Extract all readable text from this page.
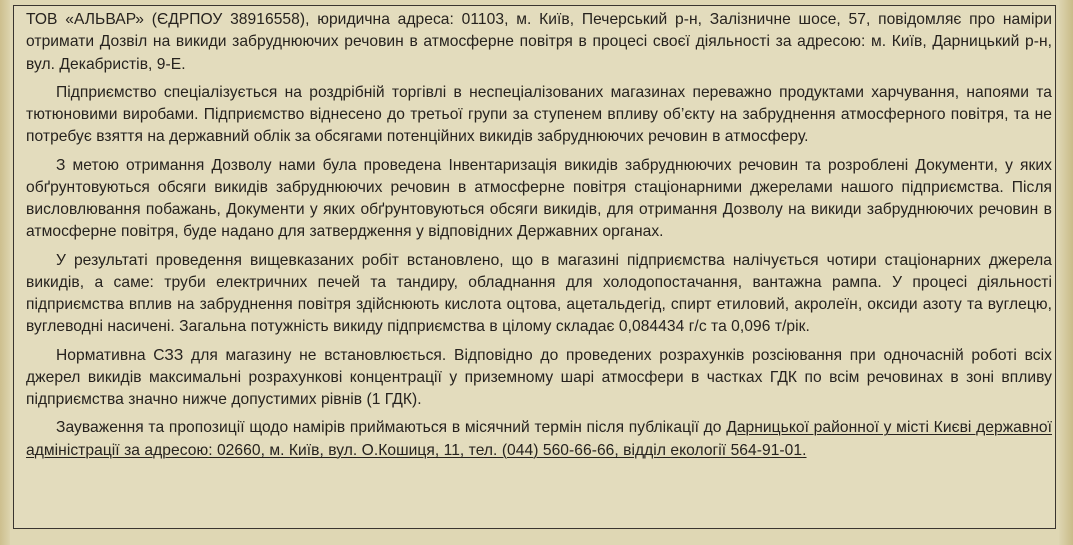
ТОВ «АЛЬВАР» (ЄДРПОУ 38916558), юридична адреса: 01103, м. Київ, Печерський р-н, Залізничне шосе, 57, повідомляє про наміри отримати Дозвіл на викиди забруднюючих речовин в атмосферне повітря в процесі своєї діяльності за адресою: м. Київ, Дарницький р-н, вул. Декабристів, 9-Е.

Підприємство спеціалізується на роздрібній торгівлі в неспеціалізованих магазинах переважно продуктами харчування, напоями та тютюновими виробами. Підприємство віднесено до третьої групи за ступенем впливу об’єкту на забруднення атмосферного повітря, та не потребує взяття на державний облік за обсягами потенційних викидів забруднюючих речовин в атмосферу.

З метою отримання Дозволу нами була проведена Інвентаризація викидів забруднюючих речовин та розроблені Документи, у яких обґрунтовуються обсяги викидів забруднюючих речовин в атмосферне повітря стаціонарними джерелами нашого підприємства. Після висловлювання побажань, Документи у яких обґрунтовуються обсяги викидів, для отримання Дозволу на викиди забруднюючих речовин в атмосферне повітря, буде надано для затвердження у відповідних Державних органах.

У результаті проведення вищевказаних робіт встановлено, що в магазині підприємства налічується чотири стаціонарних джерела викидів, а саме: труби електричних печей та тандиру, обладнання для холодопостачання, вантажна рампа. У процесі діяльності підприємства вплив на забруднення повітря здійснюють кислота оцтова, ацетальдегід, спирт етиловий, акролеїн, оксиди азоту та вуглецю, вуглеводні насичені. Загальна потужність викиду підприємства в цілому складає 0,084434 г/с та 0,096 т/рік.

Нормативна СЗЗ для магазину не встановлюється. Відповідно до проведених розрахунків розсіювання при одночасній роботі всіх джерел викидів максимальні розрахункові концентрації у приземному шарі атмосфери в частках ГДК по всім речовинах в зоні впливу підприємства значно нижче допустимих рівнів (1 ГДК).

Зауваження та пропозиції щодо намірів приймаються в місячний термін після публікації до Дарницької районної у місті Києві державної адміністрації за адресою: 02660, м. Київ, вул. О.Кошиця, 11, тел. (044) 560-66-66, відділ екології 564-91-01.
